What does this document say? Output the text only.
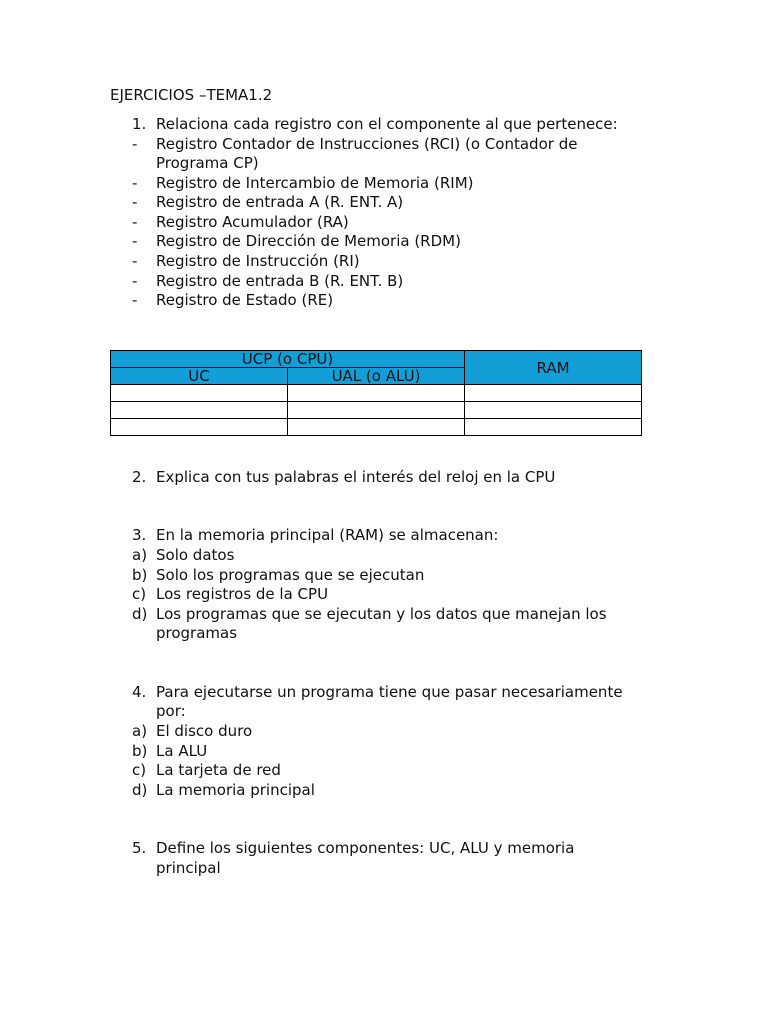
EJERCICIOS –TEMA1.2
1. Relaciona cada registro con el componente al que pertenece:
- Registro Contador de Instrucciones (RCI) (o Contador de
Programa CP)
- Registro de Intercambio de Memoria (RIM)
- Registro de entrada A (R. ENT. A)
- Registro Acumulador (RA)
- Registro de Dirección de Memoria (RDM)
- Registro de Instrucción (RI)
- Registro de entrada B (R. ENT. B)
- Registro de Estado (RE)
UCP (o CPU)		RAM
UC	UAL (o ALU)	

2. Explica con tus palabras el interés del reloj en la CPU
3. En la memoria principal (RAM) se almacenan:
a) Solo datos
b) Solo los programas que se ejecutan
c) Los registros de la CPU
d) Los programas que se ejecutan y los datos que manejan los
programas
4. Para ejecutarse un programa tiene que pasar necesariamente
por:
a) El disco duro
b) La ALU
c) La tarjeta de red
d) La memoria principal
5. Define los siguientes componentes: UC, ALU y memoria
principal
